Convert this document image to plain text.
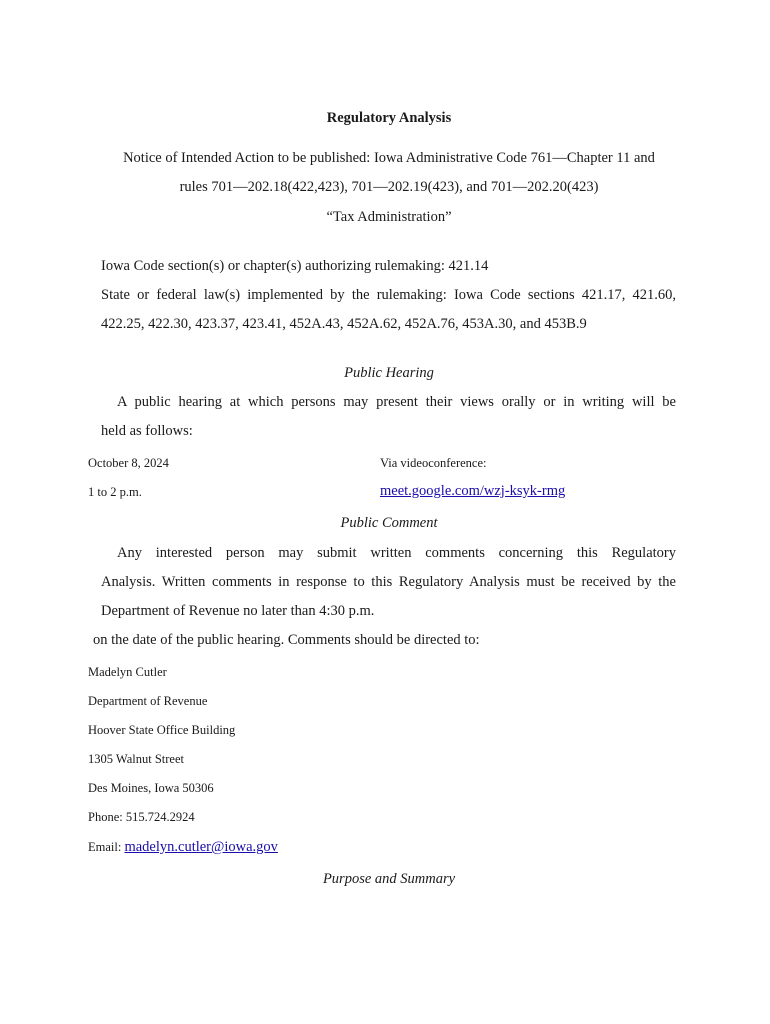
Regulatory Analysis
Notice of Intended Action to be published: Iowa Administrative Code 761—Chapter 11 and
rules 701—202.18(422,423), 701—202.19(423), and 701—202.20(423)
“Tax Administration”
Iowa Code section(s) or chapter(s) authorizing rulemaking: 421.14
State or federal law(s) implemented by the rulemaking: Iowa Code sections 421.17, 421.60,
422.25, 422.30, 423.37, 423.41, 452A.43, 452A.62, 452A.76, 453A.30, and 453B.9
Public Hearing
A public hearing at which persons may present their views orally or in writing will be
held as follows:
October 8, 2024	Via videoconference:
1 to 2 p.m.	meet.google.com/wzj-ksyk-rmg
Public Comment
Any interested person may submit written comments concerning this Regulatory
Analysis. Written comments in response to this Regulatory Analysis must be received by the
Department of Revenue no later than 4:30 p.m.
on the date of the public hearing. Comments should be directed to:
Madelyn Cutler
Department of Revenue
Hoover State Office Building
1305 Walnut Street
Des Moines, Iowa 50306
Phone: 515.724.2924
Email: madelyn.cutler@iowa.gov
Purpose and Summary
